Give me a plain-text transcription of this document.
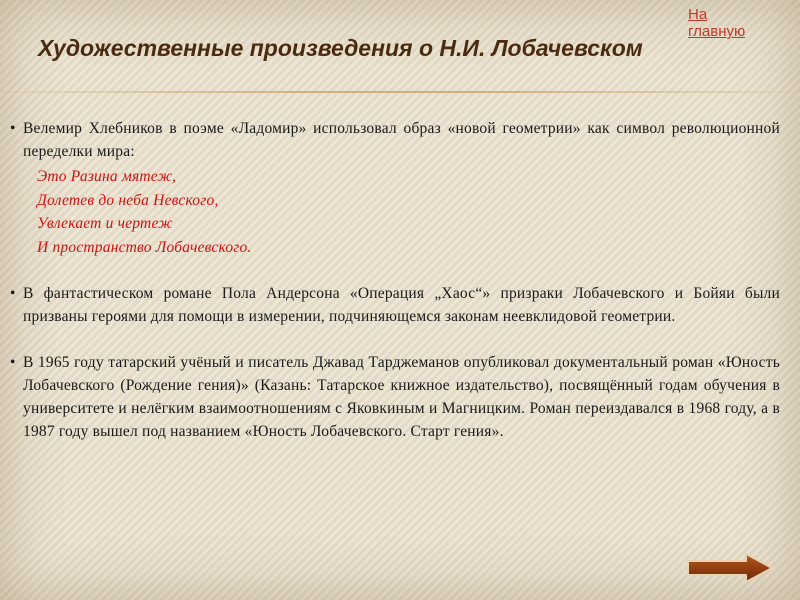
На главную
Художественные произведения о Н.И. Лобачевском

• Велемир Хлебников в поэме «Ладомир» использовал образ «новой геометрии» как символ революционной переделки мира:

Это Разина мятеж,
Долетев до неба Невского,
Увлекает и чертеж
И пространство Лобачевского.

• В фантастическом романе Пола Андерсона «Операция „Хаос“» призраки Лобачевского и Бойяи были призваны героями для помощи в измерении, подчиняющемся законам неевклидовой геометрии.

• В 1965 году татарский учёный и писатель Джавад Тарджеманов опубликовал документальный роман «Юность Лобачевского (Рождение гения)» (Казань: Татарское книжное издательство), посвящённый годам обучения в университете и нелёгким взаимоотношениям с Яковкиным и Магницким. Роман переиздавался в 1968 году, а в 1987 году вышел под названием «Юность Лобачевского. Старт гения».
